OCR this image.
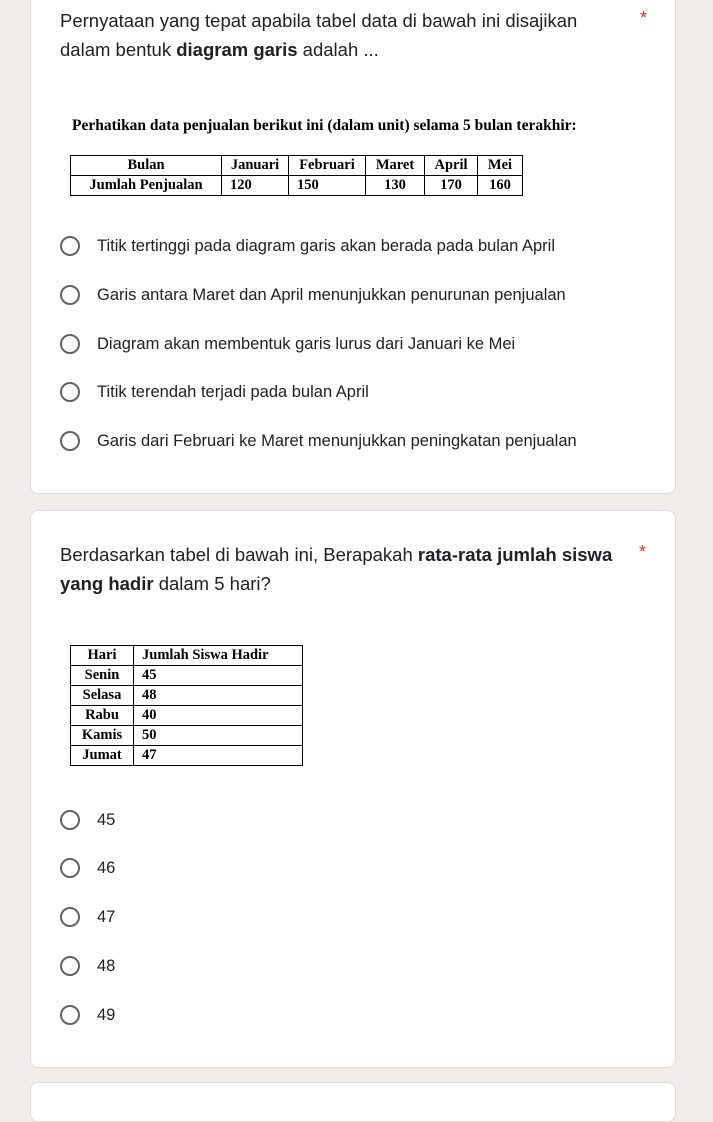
Pernyataan yang tepat apabila tabel data di bawah ini disajikan
dalam bentuk diagram garis adalah ...
*
Perhatikan data penjualan berikut ini (dalam unit) selama 5 bulan terakhir:
Bulan	Januari	Februari	Maret	April	Mei
Jumlah Penjualan	120	150	130	170	160
Titik tertinggi pada diagram garis akan berada pada bulan April
Garis antara Maret dan April menunjukkan penurunan penjualan
Diagram akan membentuk garis lurus dari Januari ke Mei
Titik terendah terjadi pada bulan April
Garis dari Februari ke Maret menunjukkan peningkatan penjualan
Berdasarkan tabel di bawah ini, Berapakah rata-rata jumlah siswa
yang hadir dalam 5 hari?
*
Hari	Jumlah Siswa Hadir
Senin	45
Selasa	48
Rabu	40
Kamis	50
Jumat	47
45
46
47
48
49
